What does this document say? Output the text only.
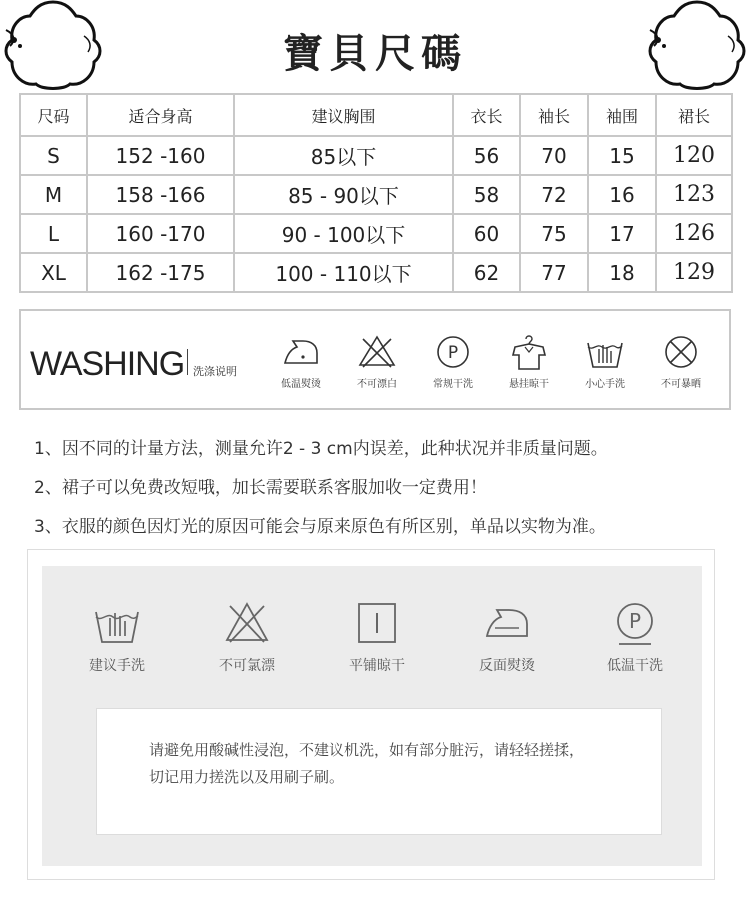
寶貝尺碼
尺码	适合身高	建议胸围	衣长	袖长	袖围	裙长
S	152 -160	85以下	56	70	15	120
M	158 -166	85 - 90以下	58	72	16	123
L	160 -170	90 - 100以下	60	75	17	126
XL	162 -175	100 - 110以下	62	77	18	129
WASHING 洗涤说明
低温熨烫	不可漂白
P
常规干洗	悬挂晾干	小心手洗	不可暴晒
1、因不同的计量方法，测量允许2 - 3 cm内误差，此种状况并非质量问题。
2、裙子可以免费改短哦，加长需要联系客服加收一定费用！
3、衣服的颜色因灯光的原因可能会与原来原色有所区别，单品以实物为准。
建议手洗	不可氯漂	平铺晾干	反面熨烫
P
低温干洗

请避免用酸碱性浸泡，不建议机洗，如有部分脏污，请轻轻搓揉，

切记用力搓洗以及用刷子刷。
